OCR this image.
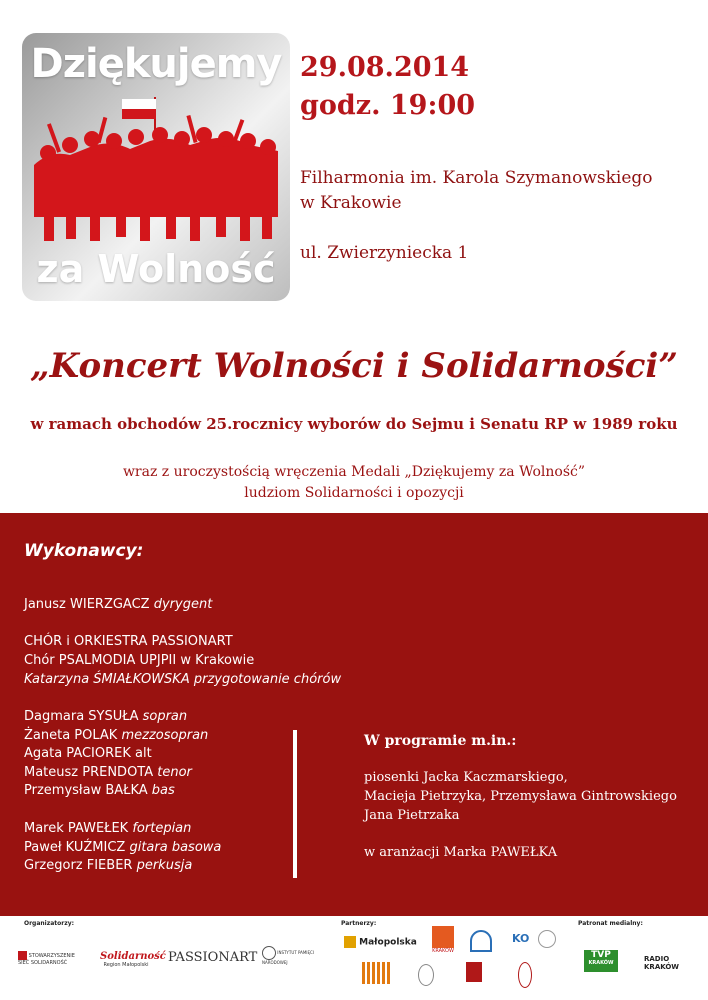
Dziękujemy
za Wolność
29.08.2014
godz. 19:00
Filharmonia im. Karola Szymanowskiego
w Krakowie
ul. Zwierzyniecka 1
„Koncert Wolności i Solidarności”
w ramach obchodów 25.rocznicy wyborów do Sejmu i Senatu RP w 1989 roku
wraz z uroczystością wręczenia Medali „Dziękujemy za Wolność”
ludziom Solidarności i opozycji
Wykonawcy:
Janusz WIERZGACZ dyrygent
CHÓR i ORKIESTRA PASSIONART
Chór PSALMODIA UPJPII w Krakowie
Katarzyna ŚMIAŁKOWSKA przygotowanie chórów
Dagmara SYSUŁA sopran
Żaneta POLAK mezzosopran
Agata PACIOREK alt
Mateusz PRENDOTA tenor
Przemysław BAŁKA bas
Marek PAWEŁEK fortepian
Paweł KUŹMICZ gitara basowa
Grzegorz FIEBER perkusja
W programie m.in.:
piosenki Jacka Kaczmarskiego,
Macieja Pietrzyka, Przemysława Gintrowskiego
Jana Pietrzaka
w aranżacji Marka PAWEŁKA
Organizatorzy:	Partnerzy:	Patronat medialny:
STOWARZYSZENIE SIEĆ SOLIDARNOŚĆ
Solidarność
Region Małopolski PASSIONART	INSTYTUT PAMIĘCI NARODOWEJ
Małopolska
KRAKÓW
KO
TVP
KRAKÓW	RADIO KRAKÓW
